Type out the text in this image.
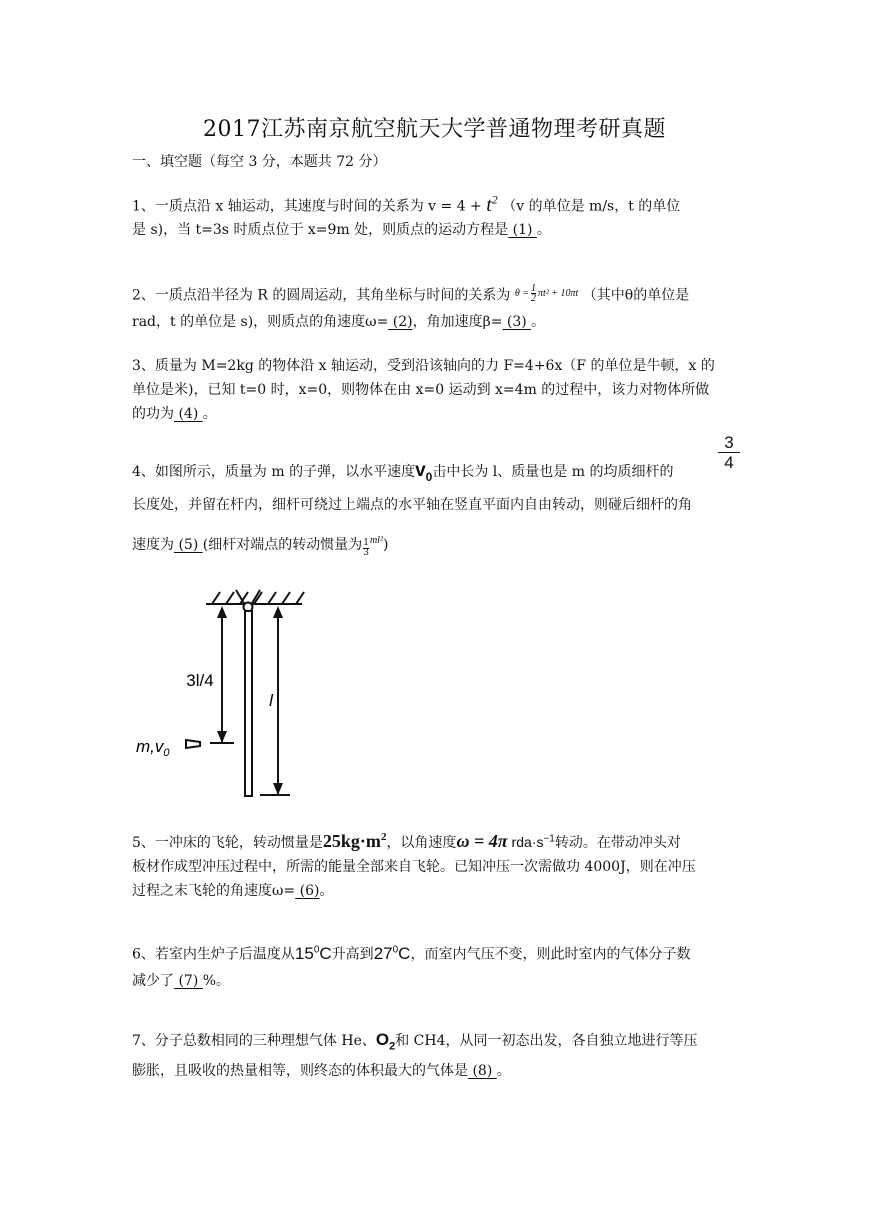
2017江苏南京航空航天大学普通物理考研真题
一、填空题（每空 3 分，本题共 72 分）
1、一质点沿 x 轴运动，其速度与时间的关系为 $v = 4 + t^2$ （v 的单位是 m/s，t 的单位
是 s)，当 t=3s 时质点位于 x=9m 处，则质点的运动方程是 (1) 。
2、一质点沿半径为 R 的圆周运动，其角坐标与时间的关系为 $\theta = \frac{1}{2} \pi t^2 + 10\pi t$ （其中θ的单位是
rad，t 的单位是 s)，则质点的角速度ω= (2)，角加速度β= (3) 。
3、质量为 M=2kg 的物体沿 x 轴运动，受到沿该轴向的力 F=4+6x（F 的单位是牛顿，x 的
单位是米)，已知 t=0 时，x=0，则物体在由 x=0 运动到 x=4m 的过程中，该力对物体所做
的功为 (4) 。
$\frac{3}{4}$
4、如图所示，质量为 m 的子弹，以水平速度$v_0$击中长为 l、质量也是 m 的均质细杆的
长度处，并留在杆内，细杆可绕过上端点的水平轴在竖直平面内自由转动，则碰后细杆的角
速度为 (5) (细杆对端点的转动惯量为 $\frac{1}{3} ^{ml^2}$)
3l/4
l
$m,v_0$
5、一冲床的飞轮，转动惯量是$25kg\cdot m^2$，以角速度ω = 4π $rda\cdot s^{-1}$转动。在带动冲头对
板材作成型冲压过程中，所需的能量全部来自飞轮。已知冲压一次需做功 4000J，则在冲压
过程之末飞轮的角速度ω= (6)。
6、若室内生炉子后温度从$15^0C$升高到$27^0C$，而室内气压不变，则此时室内的气体分子数
减少了 (7) %。
7、分子总数相同的三种理想气体 He、$O_2$和 CH4，从同一初态出发，各自独立地进行等压
膨胀，且吸收的热量相等，则终态的体积最大的气体是 (8) 。
